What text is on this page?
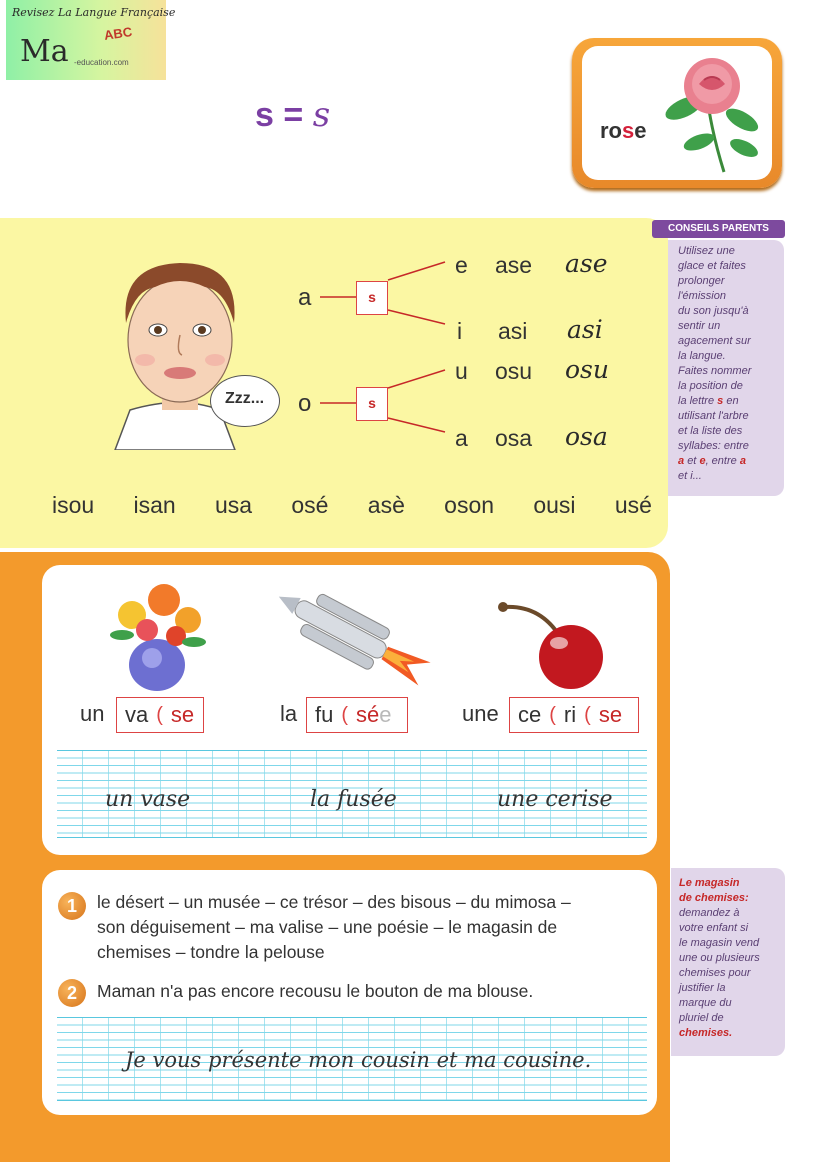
Revisez La Langue Française
Ma
ABC
-education.com
s = s	rose
Zzz...
a
o
s
s
e ase ase
i asi asi
u osu osu
a osa osa
isou isan usa osé asè oson ousi usé
CONSEILS PARENTS
Utilisez une
glace et faites
prolonger
l'émission
du son jusqu'à
sentir un
agacement sur
la langue.
Faites nommer
la position de
la lettre s en
utilisant l'arbre
et la liste des
syllabes: entre
a et e, entre a
et i...
un va ( se	la fu ( sé e	une ce ( ri ( se
un vase	la fusée	une cerise
1	le désert – un musée – ce trésor – des bisous – du mimosa –
son déguisement – ma valise – une poésie – le magasin de
chemises – tondre la pelouse
2	Maman n'a pas encore recousu le bouton de ma blouse.
Je vous présente mon cousin et ma cousine.
Le magasin
de chemises:
demandez à
votre enfant si
le magasin vend
une ou plusieurs
chemises pour
justifier la
marque du
pluriel de
chemises.
